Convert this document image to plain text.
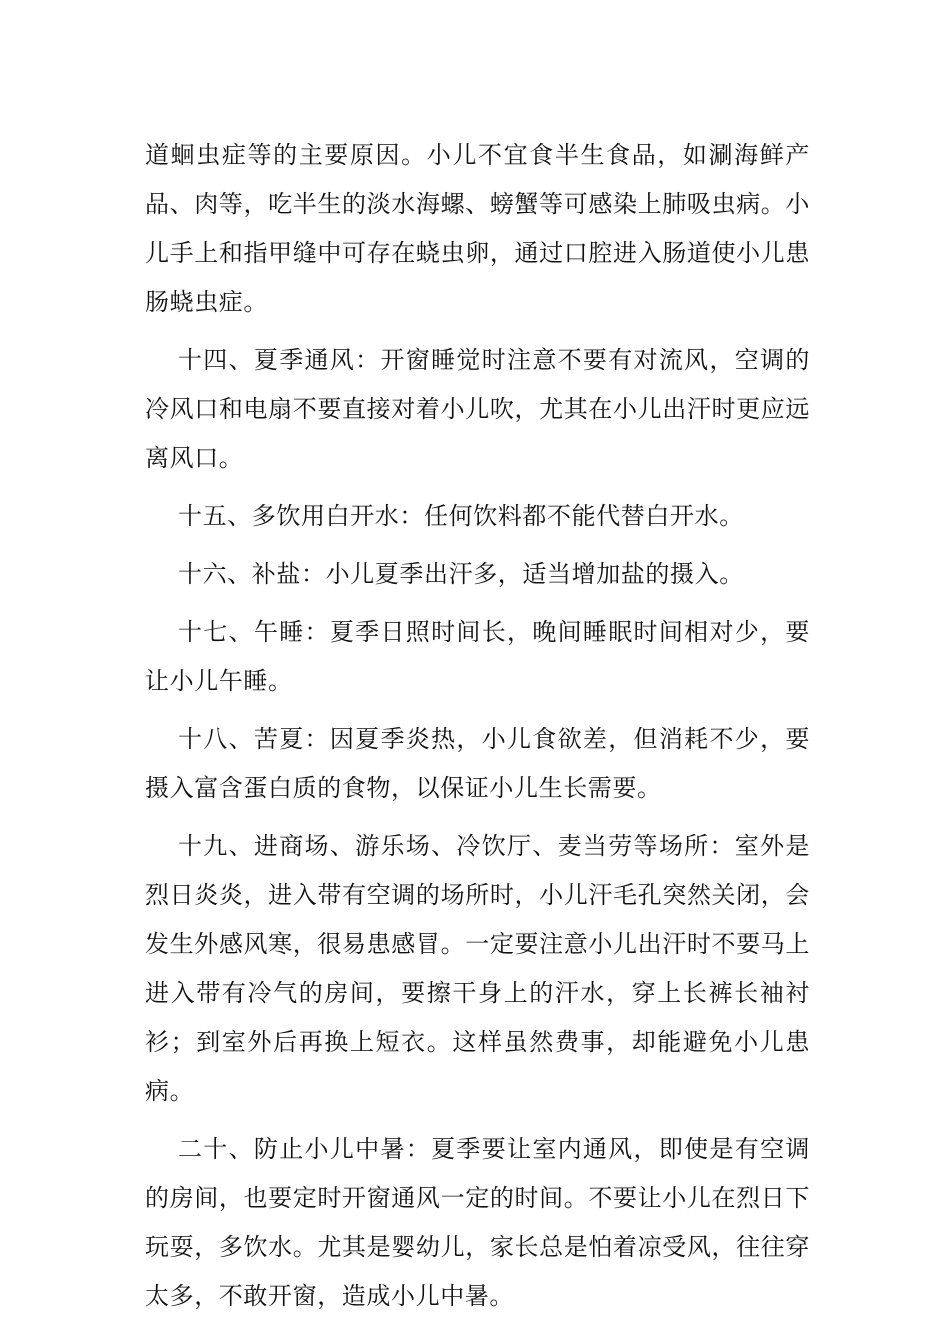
道蛔虫症等的主要原因。小儿不宜食半生食品，如涮海鲜产品、肉等，吃半生的淡水海螺、螃蟹等可感染上肺吸虫病。小儿手上和指甲缝中可存在蛲虫卵，通过口腔进入肠道使小儿患肠蛲虫症。

十四、夏季通风：开窗睡觉时注意不要有对流风，空调的冷风口和电扇不要直接对着小儿吹，尤其在小儿出汗时更应远离风口。

十五、多饮用白开水：任何饮料都不能代替白开水。

十六、补盐：小儿夏季出汗多，适当增加盐的摄入。

十七、午睡：夏季日照时间长，晚间睡眠时间相对少，要让小儿午睡。

十八、苦夏：因夏季炎热，小儿食欲差，但消耗不少，要摄入富含蛋白质的食物，以保证小儿生长需要。

十九、进商场、游乐场、冷饮厅、麦当劳等场所：室外是烈日炎炎，进入带有空调的场所时，小儿汗毛孔突然关闭，会发生外感风寒，很易患感冒。一定要注意小儿出汗时不要马上进入带有冷气的房间，要擦干身上的汗水，穿上长裤长袖衬衫；到室外后再换上短衣。这样虽然费事，却能避免小儿患病。

二十、防止小儿中暑：夏季要让室内通风，即使是有空调的房间，也要定时开窗通风一定的时间。不要让小儿在烈日下玩耍，多饮水。尤其是婴幼儿，家长总是怕着凉受风，往往穿太多，不敢开窗，造成小儿中暑。
